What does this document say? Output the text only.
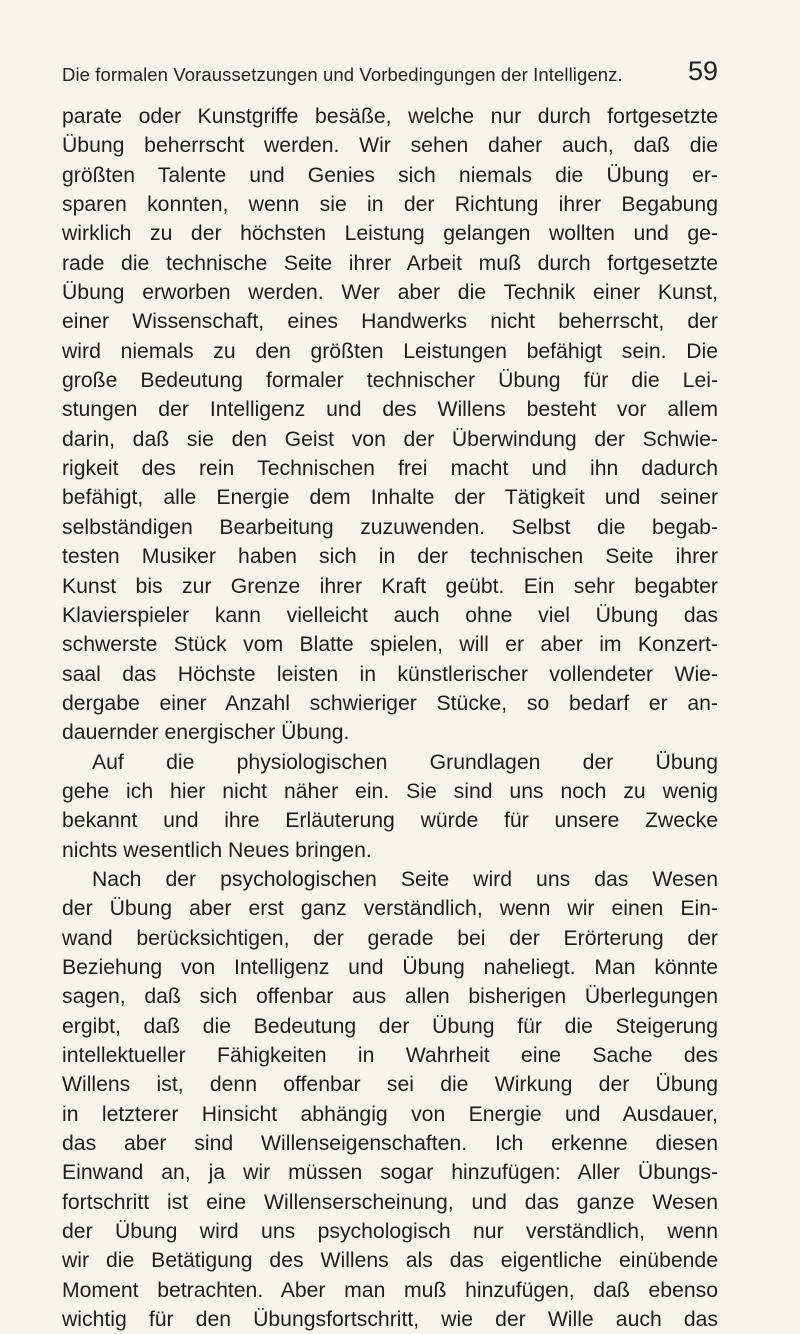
Die formalen Voraussetzungen und Vorbedingungen der Intelligenz. 59
parate oder Kunstgriffe besäße, welche nur durch fortgesetzte
Übung beherrscht werden. Wir sehen daher auch, daß die
größten Talente und Genies sich niemals die Übung er-
sparen konnten, wenn sie in der Richtung ihrer Begabung
wirklich zu der höchsten Leistung gelangen wollten und ge-
rade die technische Seite ihrer Arbeit muß durch fortgesetzte
Übung erworben werden. Wer aber die Technik einer Kunst,
einer Wissenschaft, eines Handwerks nicht beherrscht, der
wird niemals zu den größten Leistungen befähigt sein. Die
große Bedeutung formaler technischer Übung für die Lei-
stungen der Intelligenz und des Willens besteht vor allem
darin, daß sie den Geist von der Überwindung der Schwie-
rigkeit des rein Technischen frei macht und ihn dadurch
befähigt, alle Energie dem Inhalte der Tätigkeit und seiner
selbständigen Bearbeitung zuzuwenden. Selbst die begab-
testen Musiker haben sich in der technischen Seite ihrer
Kunst bis zur Grenze ihrer Kraft geübt. Ein sehr begabter
Klavierspieler kann vielleicht auch ohne viel Übung das
schwerste Stück vom Blatte spielen, will er aber im Konzert-
saal das Höchste leisten in künstlerischer vollendeter Wie-
dergabe einer Anzahl schwieriger Stücke, so bedarf er an-
dauernder energischer Übung.
Auf die physiologischen Grundlagen der Übung
gehe ich hier nicht näher ein. Sie sind uns noch zu wenig
bekannt und ihre Erläuterung würde für unsere Zwecke
nichts wesentlich Neues bringen.
Nach der psychologischen Seite wird uns das Wesen
der Übung aber erst ganz verständlich, wenn wir einen Ein-
wand berücksichtigen, der gerade bei der Erörterung der
Beziehung von Intelligenz und Übung naheliegt. Man könnte
sagen, daß sich offenbar aus allen bisherigen Überlegungen
ergibt, daß die Bedeutung der Übung für die Steigerung
intellektueller Fähigkeiten in Wahrheit eine Sache des
Willens ist, denn offenbar sei die Wirkung der Übung
in letzterer Hinsicht abhängig von Energie und Ausdauer,
das aber sind Willenseigenschaften. Ich erkenne diesen
Einwand an, ja wir müssen sogar hinzufügen: Aller Übungs-
fortschritt ist eine Willenserscheinung, und das ganze Wesen
der Übung wird uns psychologisch nur verständlich, wenn
wir die Betätigung des Willens als das eigentliche einübende
Moment betrachten. Aber man muß hinzufügen, daß ebenso
wichtig für den Übungsfortschritt, wie der Wille auch das
